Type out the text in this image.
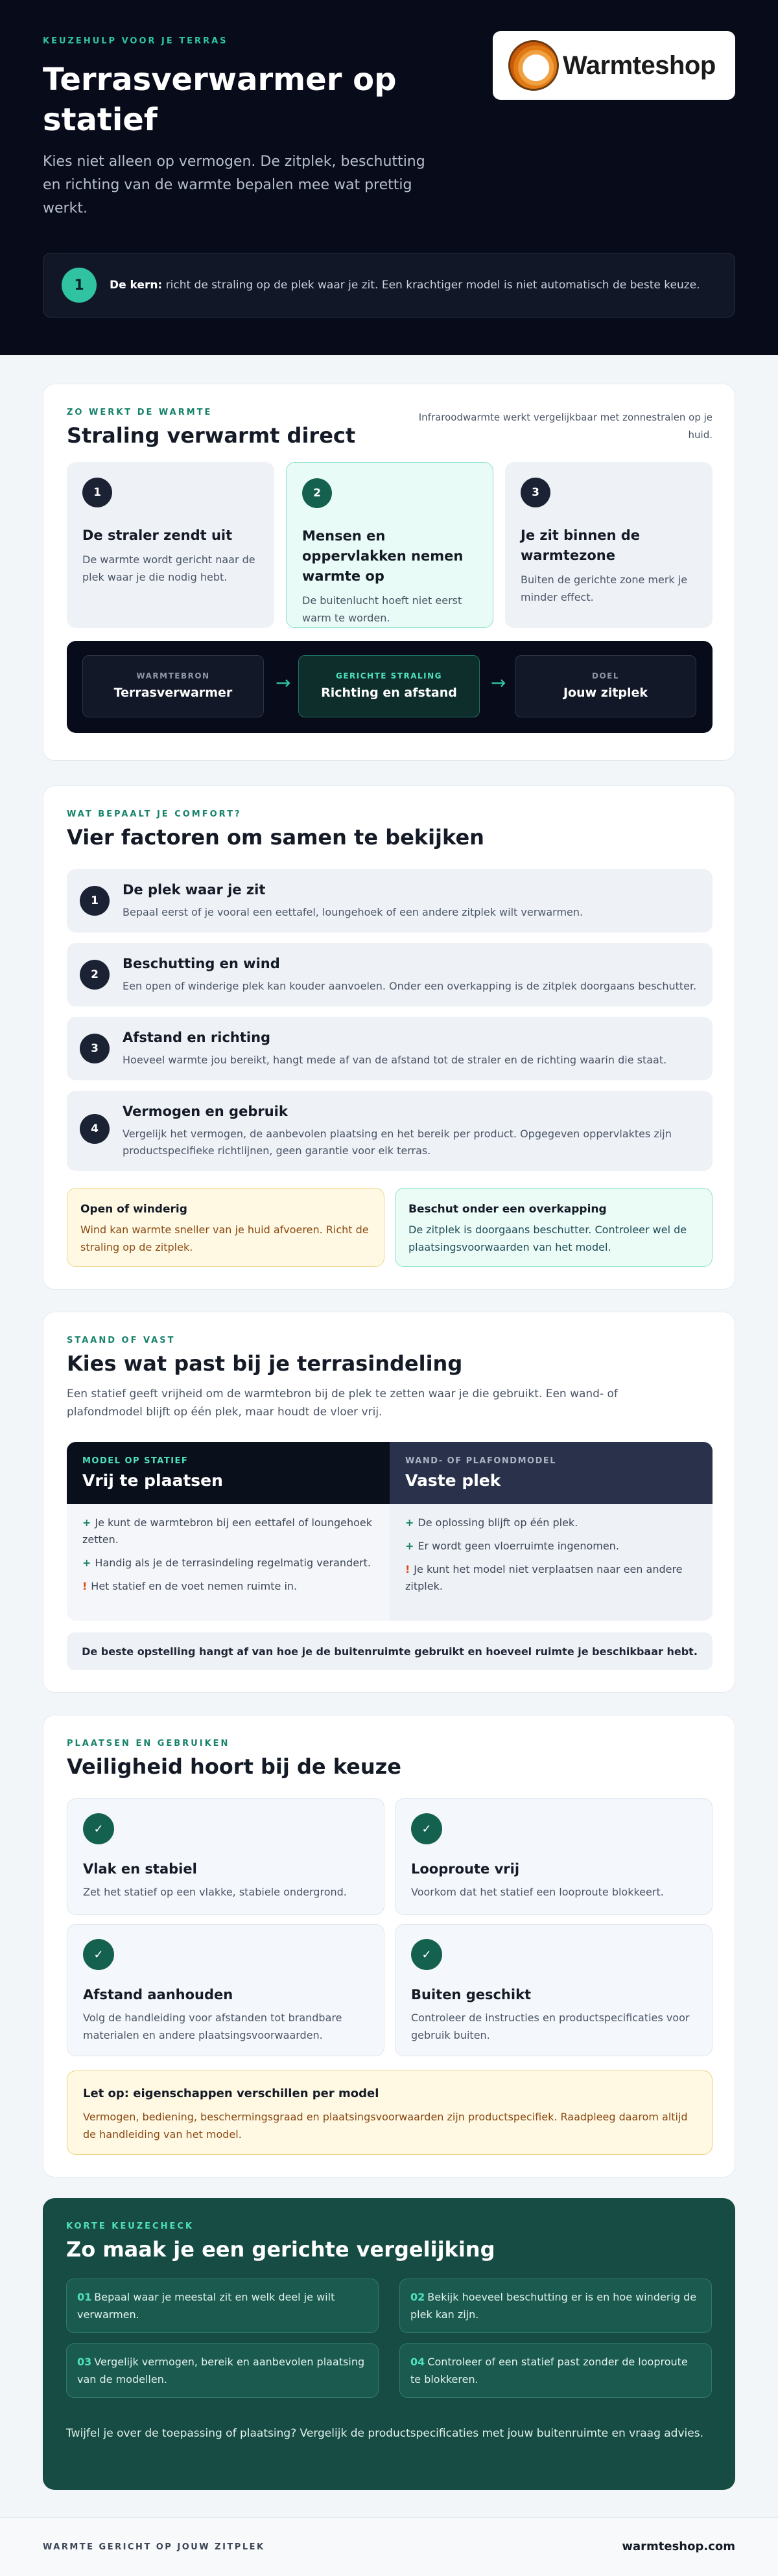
KEUZEHULP VOOR JE TERRAS
Terrasverwarmer op statief

Kies niet alleen op vermogen. De zitplek, beschutting en richting van de warmte bepalen mee wat prettig werkt.

Warmteshop
1	De kern: richt de straling op de plek waar je zit. Een krachtiger model is niet automatisch de beste keuze.

ZO WERKT DE WARMTE
Straling verwarmt direct

Infraroodwarmte werkt vergelijkbaar met zonnestralen op je huid.

1
De straler zendt uit

De warmte wordt gericht naar de plek waar je die nodig hebt.

2
Mensen en oppervlakken nemen warmte op

De buitenlucht hoeft niet eerst warm te worden.

3
Je zit binnen de warmtezone

Buiten de gerichte zone merk je minder effect.

WARMTEBRON
Terrasverwarmer	→	GERICHTE STRALING
Richting en afstand	→	DOEL
Jouw zitplek
WAT BEPAALT JE COMFORT?
Vier factoren om samen te bekijken
1
De plek waar je zit

Bepaal eerst of je vooral een eettafel, loungehoek of een andere zitplek wilt verwarmen.

2
Beschutting en wind

Een open of winderige plek kan kouder aanvoelen. Onder een overkapping is de zitplek doorgaans beschutter.

3
Afstand en richting

Hoeveel warmte jou bereikt, hangt mede af van de afstand tot de straler en de richting waarin die staat.

4
Vermogen en gebruik

Vergelijk het vermogen, de aanbevolen plaatsing en het bereik per product. Opgegeven oppervlaktes zijn productspecifieke richtlijnen, geen garantie voor elk terras.

Open of winderig

Wind kan warmte sneller van je huid afvoeren. Richt de straling op de zitplek.

Beschut onder een overkapping

De zitplek is doorgaans beschutter. Controleer wel de plaatsingsvoorwaarden van het model.

STAAND OF VAST
Kies wat past bij je terrasindeling

Een statief geeft vrijheid om de warmtebron bij de plek te zetten waar je die gebruikt. Een wand- of plafondmodel blijft op één plek, maar houdt de vloer vrij.

MODEL OP STATIEF
Vrij te plaatsen
+ Je kunt de warmtebron bij een eettafel of loungehoek zetten.
+ Handig als je de terrasindeling regelmatig verandert.
! Het statief en de voet nemen ruimte in.
WAND- OF PLAFONDMODEL
Vaste plek
+ De oplossing blijft op één plek.
+ Er wordt geen vloerruimte ingenomen.
! Je kunt het model niet verplaatsen naar een andere zitplek.
De beste opstelling hangt af van hoe je de buitenruimte gebruikt en hoeveel ruimte je beschikbaar hebt.
PLAATSEN EN GEBRUIKEN
Veiligheid hoort bij de keuze
✓
Vlak en stabiel

Zet het statief op een vlakke, stabiele ondergrond.

✓
Looproute vrij

Voorkom dat het statief een looproute blokkeert.

✓
Afstand aanhouden

Volg de handleiding voor afstanden tot brandbare materialen en andere plaatsingsvoorwaarden.

✓
Buiten geschikt

Controleer de instructies en productspecificaties voor gebruik buiten.

Let op: eigenschappen verschillen per model

Vermogen, bediening, beschermingsgraad en plaatsingsvoorwaarden zijn productspecifiek. Raadpleeg daarom altijd de handleiding van het model.

KORTE KEUZECHECK
Zo maak je een gerichte vergelijking
01 Bepaal waar je meestal zit en welk deel je wilt verwarmen.
02 Bekijk hoeveel beschutting er is en hoe winderig de plek kan zijn.
03 Vergelijk vermogen, bereik en aanbevolen plaatsing van de modellen.
04 Controleer of een statief past zonder de looproute te blokkeren.

Twijfel je over de toepassing of plaatsing? Vergelijk de productspecificaties met jouw buitenruimte en vraag advies.

WARMTE GERICHT OP JOUW ZITPLEK	warmteshop.com
